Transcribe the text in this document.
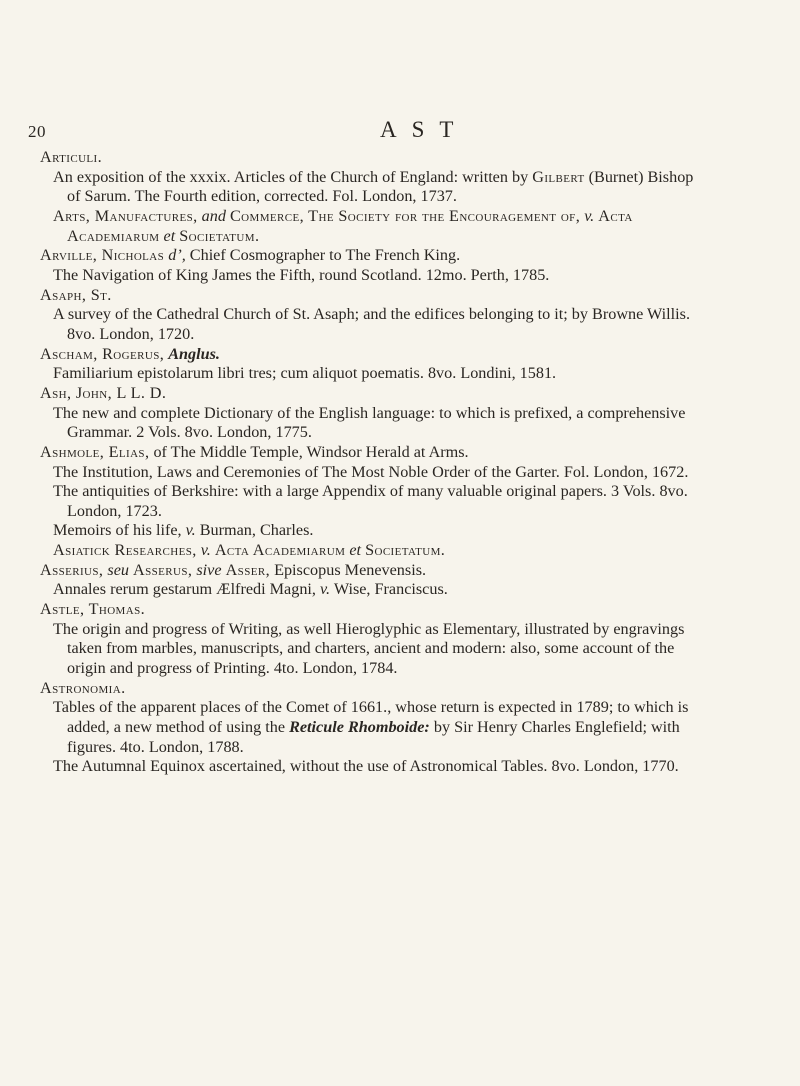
20	AST

Articuli.

An exposition of the xxxix. Articles of the Church of England: written by Gilbert (Burnet) Bishop of Sarum. The Fourth edition, corrected. Fol. London, 1737.

Arts, Manufactures, and Commerce, The Society for the Encouragement of, v. Acta Academiarum et Societatum.

Arville, Nicholas d’, Chief Cosmographer to The French King.

The Navigation of King James the Fifth, round Scotland. 12mo. Perth, 1785.

Asaph, St.

A survey of the Cathedral Church of St. Asaph; and the edifices belonging to it; by Browne Willis. 8vo. London, 1720.

Ascham, Rogerus, Anglus.

Familiarium epistolarum libri tres; cum aliquot poematis. 8vo. Londini, 1581.

Ash, John, L L. D.

The new and complete Dictionary of the English language: to which is prefixed, a comprehensive Grammar. 2 Vols. 8vo. London, 1775.

Ashmole, Elias, of The Middle Temple, Windsor Herald at Arms.

The Institution, Laws and Ceremonies of The Most Noble Order of the Garter. Fol. London, 1672.

The antiquities of Berkshire: with a large Appendix of many valuable original papers. 3 Vols. 8vo. London, 1723.

Memoirs of his life, v. Burman, Charles.

Asiatick Researches, v. Acta Academiarum et Societatum.

Asserius, seu Asserus, sive Asser, Episcopus Menevensis.

Annales rerum gestarum Ælfredi Magni, v. Wise, Franciscus.

Astle, Thomas.

The origin and progress of Writing, as well Hieroglyphic as Elementary, illustrated by engravings taken from marbles, manuscripts, and charters, ancient and modern: also, some account of the origin and progress of Printing. 4to. London, 1784.

Astronomia.

Tables of the apparent places of the Comet of 1661., whose return is expected in 1789; to which is added, a new method of using the Reticule Rhomboide: by Sir Henry Charles Englefield; with figures. 4to. London, 1788.

The Autumnal Equinox ascertained, without the use of Astronomical Tables. 8vo. London, 1770.
